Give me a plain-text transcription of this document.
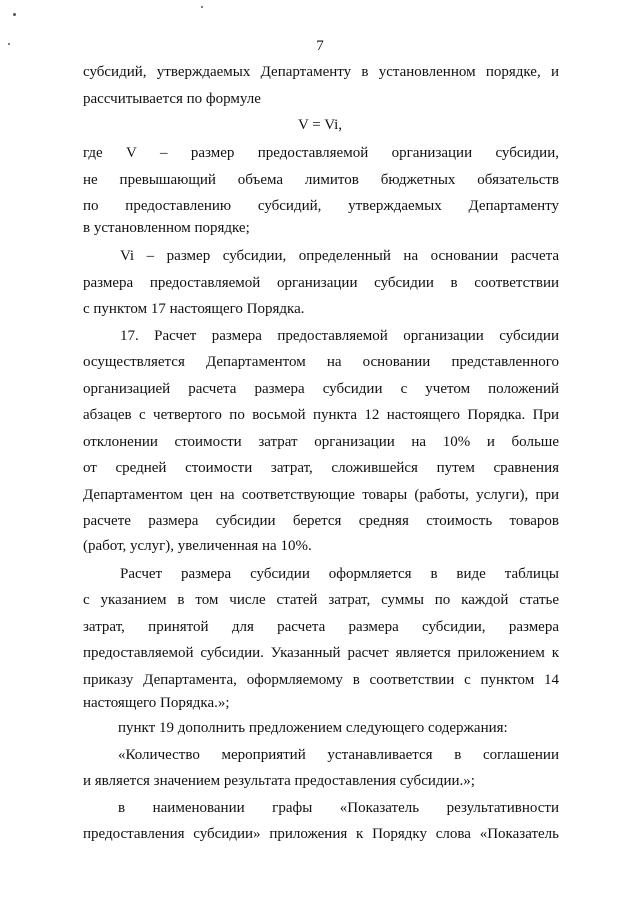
7
субсидий, утверждаемых Департаменту в установленном порядке, и
рассчитывается по формуле
V = Vi,
где V – размер предоставляемой организации субсидии,
не превышающий объема лимитов бюджетных обязательств
по предоставлению субсидий, утверждаемых Департаменту
в установленном порядке;
Vi – размер субсидии, определенный на основании расчета
размера предоставляемой организации субсидии в соответствии
с пунктом 17 настоящего Порядка.
17. Расчет размера предоставляемой организации субсидии
осуществляется Департаментом на основании представленного
организацией расчета размера субсидии с учетом положений
абзацев с четвертого по восьмой пункта 12 настоящего Порядка. При
отклонении стоимости затрат организации на 10% и больше
от средней стоимости затрат, сложившейся путем сравнения
Департаментом цен на соответствующие товары (работы, услуги), при
расчете размера субсидии берется средняя стоимость товаров
(работ, услуг), увеличенная на 10%.
Расчет размера субсидии оформляется в виде таблицы
с указанием в том числе статей затрат, суммы по каждой статье
затрат, принятой для расчета размера субсидии, размера
предоставляемой субсидии. Указанный расчет является приложением к
приказу Департамента, оформляемому в соответствии с пунктом 14
настоящего Порядка.»;
пункт 19 дополнить предложением следующего содержания:
«Количество мероприятий устанавливается в соглашении
и является значением результата предоставления субсидии.»;
в наименовании графы «Показатель результативности
предоставления субсидии» приложения к Порядку слова «Показатель
